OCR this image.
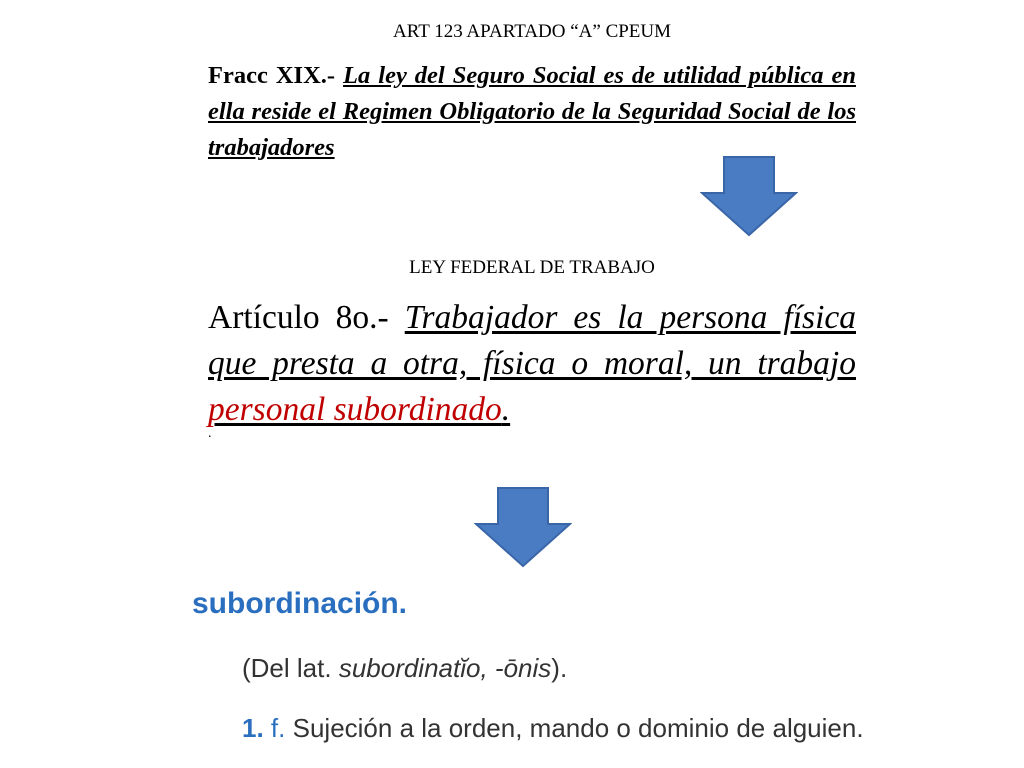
ART 123 APARTADO “A” CPEUM
Fracc XIX.- La ley del Seguro Social es de utilidad pública en ella reside el Regimen Obligatorio de la Seguridad Social de los trabajadores
LEY FEDERAL DE TRABAJO
Artículo 8o.- Trabajador es la persona física que presta a otra, física o moral, un trabajo personal subordinado.
.
subordinación.
(Del lat. subordinatĭo, -ōnis).
1. f. Sujeción a la orden, mando o dominio de alguien.
